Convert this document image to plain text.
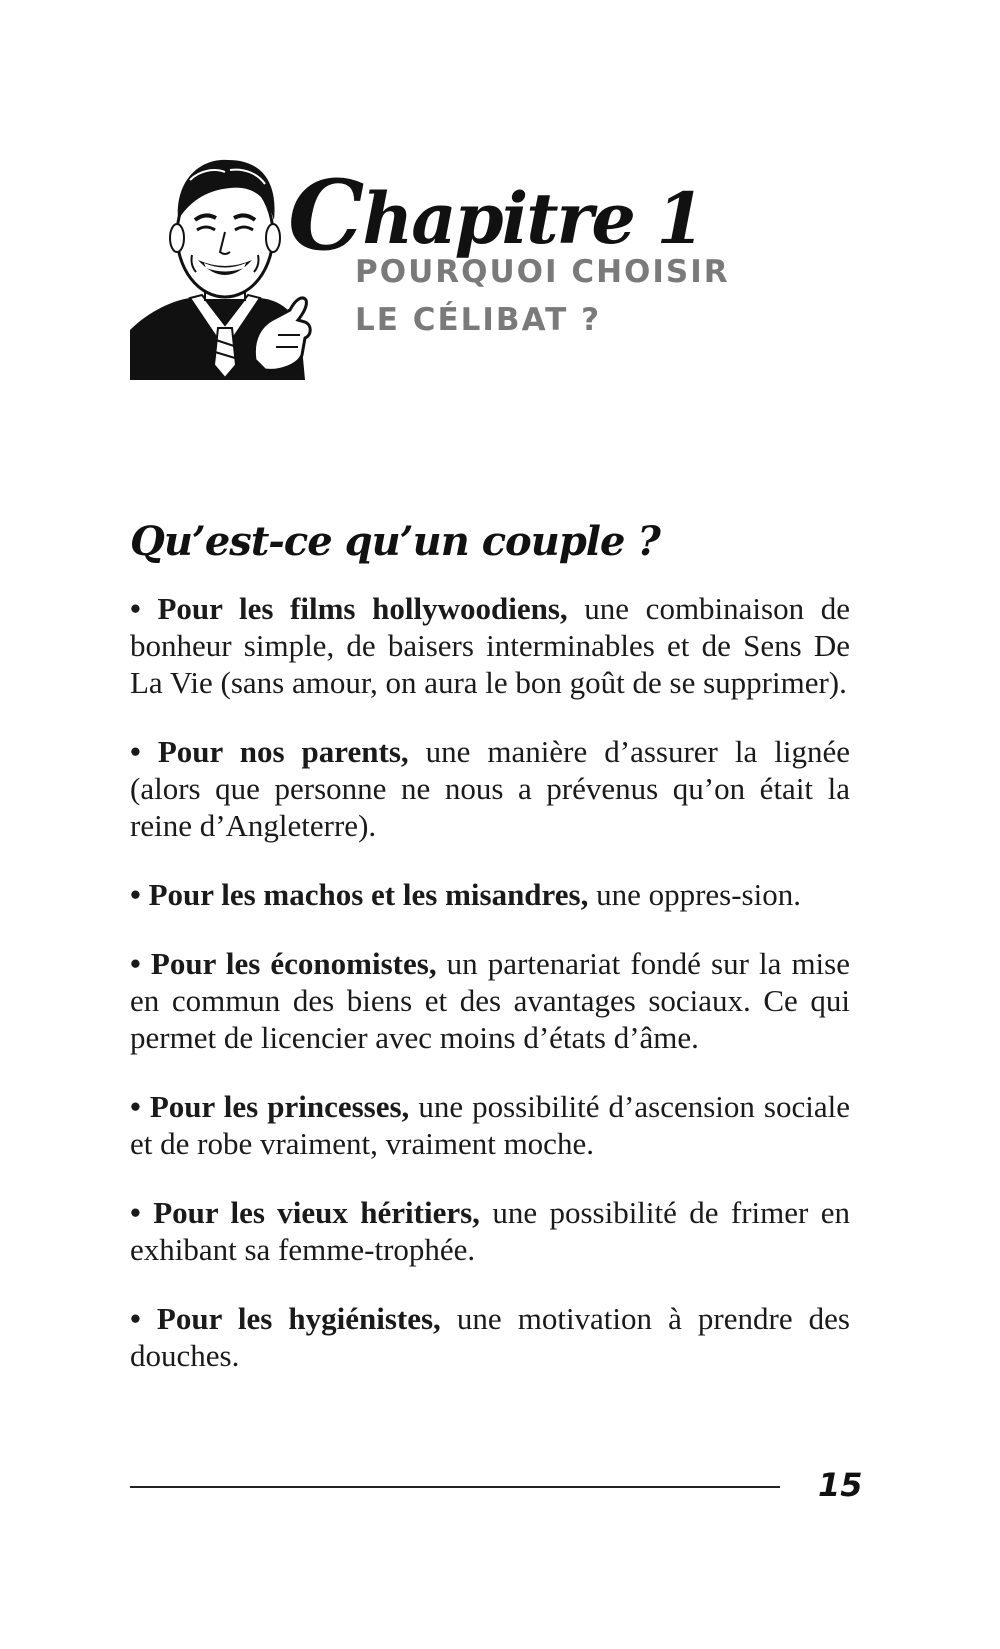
Chapitre 1
POURQUOI CHOISIR
LE CÉLIBAT ?
Qu’est-ce qu’un couple ?

• Pour les films hollywoodiens, une combinaison de bonheur simple, de baisers interminables et de Sens De La Vie (sans amour, on aura le bon goût de se supprimer).

• Pour nos parents, une manière d’assurer la lignée (alors que personne ne nous a prévenus qu’on était la reine d’Angleterre).

• Pour les machos et les misandres, une oppres-sion.

• Pour les économistes, un partenariat fondé sur la mise en commun des biens et des avantages sociaux. Ce qui permet de licencier avec moins d’états d’âme.

• Pour les princesses, une possibilité d’ascension sociale et de robe vraiment, vraiment moche.

• Pour les vieux héritiers, une possibilité de frimer en exhibant sa femme-trophée.

• Pour les hygiénistes, une motivation à prendre des douches.

15
